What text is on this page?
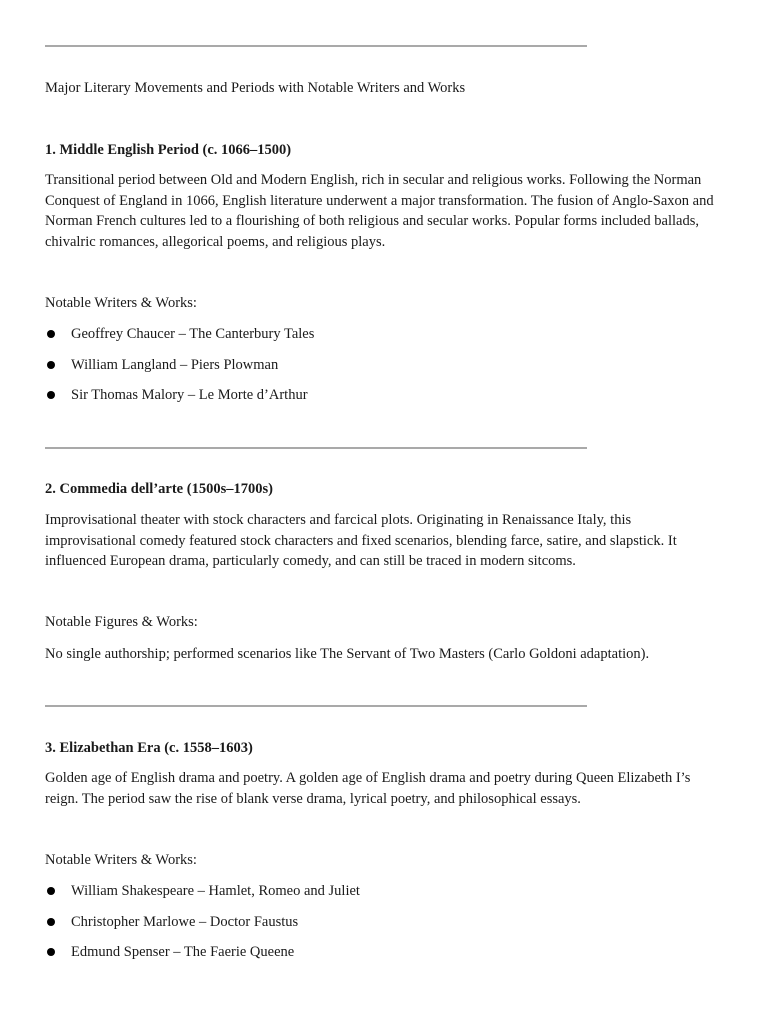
Major Literary Movements and Periods with Notable Writers and Works

1. Middle English Period (c. 1066–1500)

Transitional period between Old and Modern English, rich in secular and religious works. Following the Norman Conquest of England in 1066, English literature underwent a major transformation. The fusion of Anglo-Saxon and Norman French cultures led to a flourishing of both religious and secular works. Popular forms included ballads, chivalric romances, allegorical poems, and religious plays.

Notable Writers & Works:

Geoffrey Chaucer – The Canterbury Tales
William Langland – Piers Plowman
Sir Thomas Malory – Le Morte d’Arthur

2. Commedia dell’arte (1500s–1700s)

Improvisational theater with stock characters and farcical plots. Originating in Renaissance Italy, this improvisational comedy featured stock characters and fixed scenarios, blending farce, satire, and slapstick. It influenced European drama, particularly comedy, and can still be traced in modern sitcoms.

Notable Figures & Works:

No single authorship; performed scenarios like The Servant of Two Masters (Carlo Goldoni adaptation).

3. Elizabethan Era (c. 1558–1603)

Golden age of English drama and poetry. A golden age of English drama and poetry during Queen Elizabeth I’s reign. The period saw the rise of blank verse drama, lyrical poetry, and philosophical essays.

Notable Writers & Works:

William Shakespeare – Hamlet, Romeo and Juliet
Christopher Marlowe – Doctor Faustus
Edmund Spenser – The Faerie Queene
